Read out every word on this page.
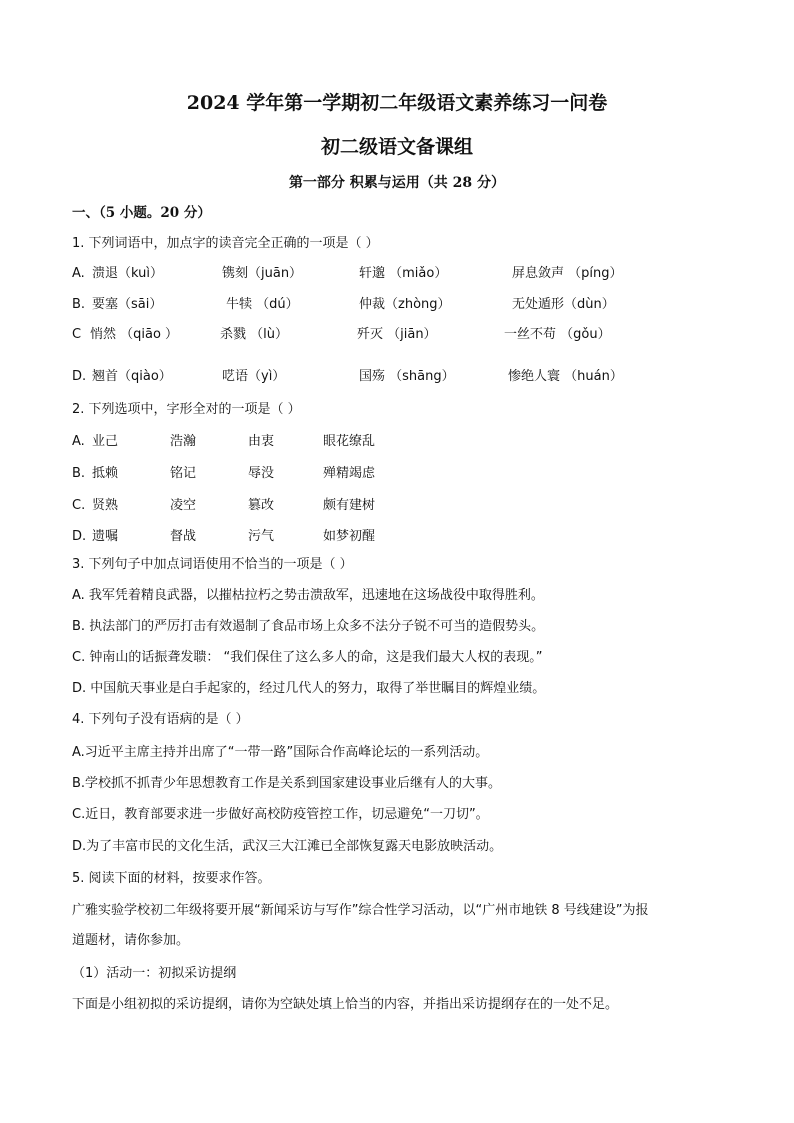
2024 学年第一学期初二年级语文素养练习一问卷
初二级语文备课组
第一部分 积累与运用（共 28 分）
一、（5 小题。20 分）
1. 下列词语中，加点字的读音完全正确的一项是（ ）
A. 溃退（kuì）	镌刻（juān）	轩邈 （miǎo）	屏息敛声 （píng）
B. 要塞（sāi）	牛犊 （dú）	仲裁（zhòng）	无处遁形（dùn）
C 悄然 （qiāo ）	杀戮 （lù）	歼灭 （jiān）	一丝不苟 （gǒu）
D. 翘首（qiào）	呓语（yì）	国殇 （shāng）	惨绝人寰 （huán）
2. 下列选项中，字形全对的一项是（ ）
A. 业己	浩瀚	由衷	眼花缭乱
B. 抵赖	铭记	辱没	殚精竭虑
C. 贤熟	凌空	篡改	颇有建树
D. 遗嘱	督战	污气	如梦初醒
3. 下列句子中加点词语使用不恰当的一项是（ ）
A. 我军凭着精良武器，以摧枯拉朽之势击溃敌军，迅速地在这场战役中取得胜利。
B. 执法部门的严厉打击有效遏制了食品市场上众多不法分子锐不可当的造假势头。
C. 钟南山的话振聋发聩： “我们保住了这么多人的命，这是我们最大人权的表现。”
D. 中国航天事业是白手起家的，经过几代人的努力，取得了举世瞩目的辉煌业绩。
4. 下列句子没有语病的是（ ）
A.习近平主席主持并出席了“一带一路”国际合作高峰论坛的一系列活动。
B.学校抓不抓青少年思想教育工作是关系到国家建设事业后继有人的大事。
C.近日，教育部要求进一步做好高校防疫管控工作，切忌避免“一刀切”。
D.为了丰富市民的文化生活，武汉三大江滩已全部恢复露天电影放映活动。
5. 阅读下面的材料，按要求作答。
广雅实验学校初二年级将要开展“新闻采访与写作”综合性学习活动，以“广州市地铁 8 号线建设”为报
道题材，请你参加。
（1）活动一：初拟采访提纲
下面是小组初拟的采访提纲，请你为空缺处填上恰当的内容，并指出采访提纲存在的一处不足。
